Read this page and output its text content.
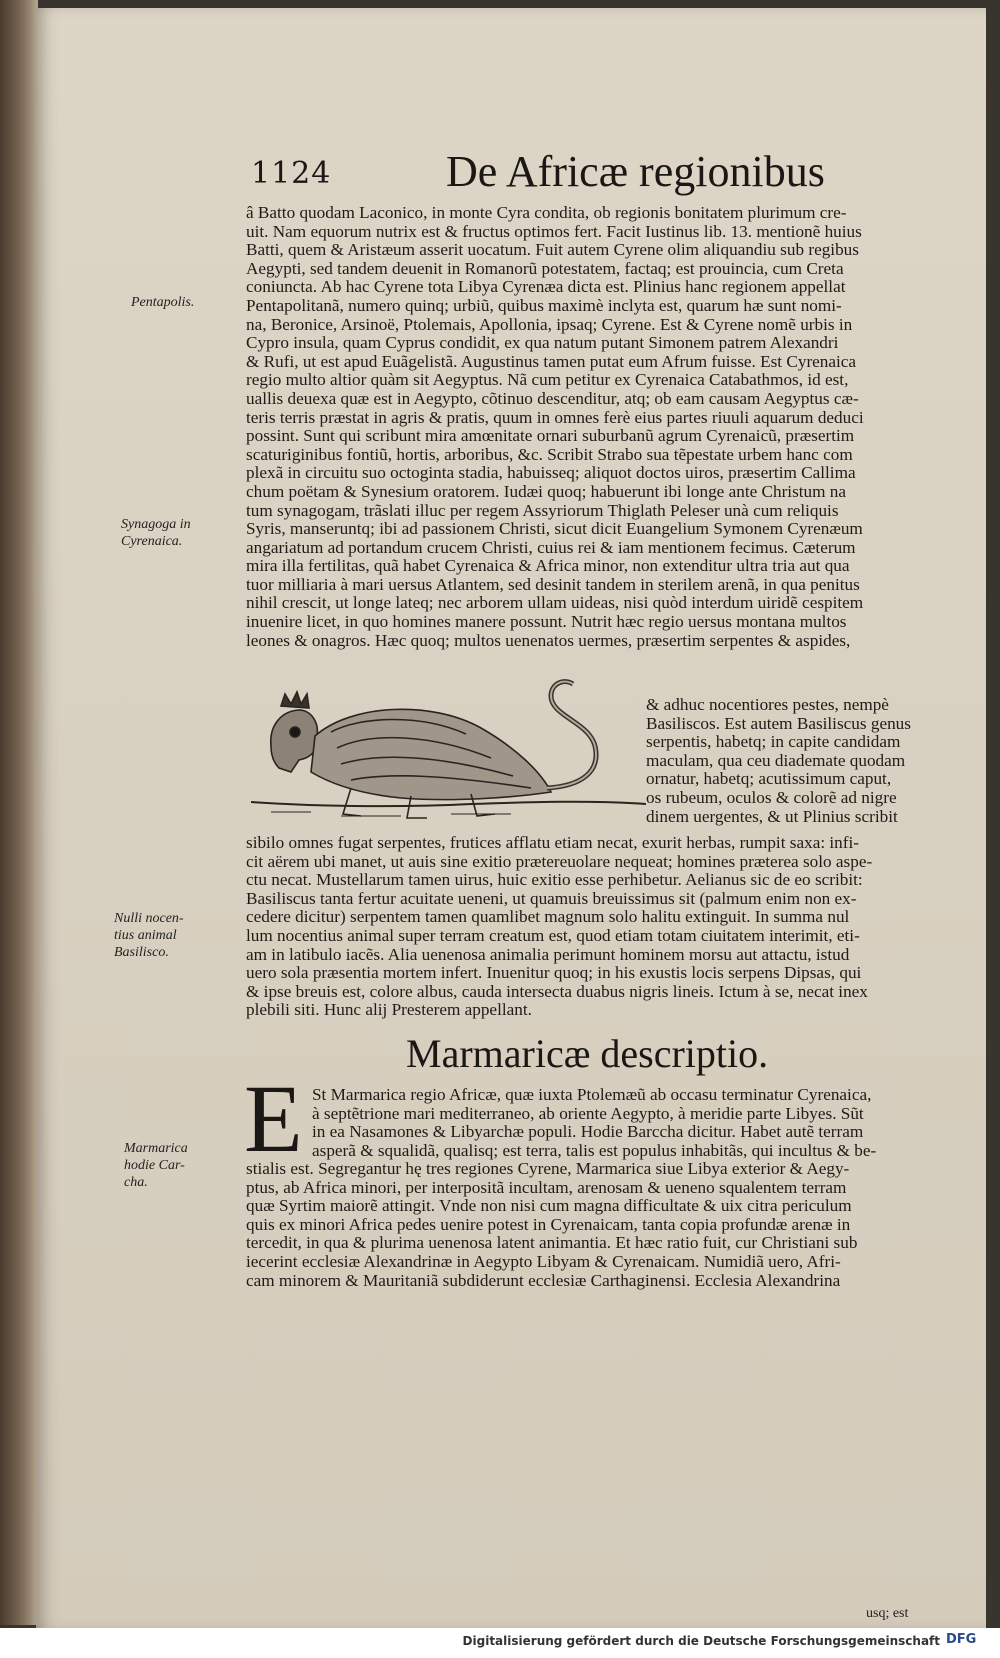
1124	De Africæ regionibus
Pentapolis.
Synagoga in
Cyrenaica.
Nulli nocen-
tius animal
Basilisco.
Marmarica
hodie Car-
cha.
â Batto quodam Laconico, in monte Cyra condita, ob regionis bonitatem plurimum cre-
uit. Nam equorum nutrix est & fructus optimos fert. Facit Iustinus lib. 13. mentionẽ huius
Batti, quem & Aristæum asserit uocatum. Fuit autem Cyrene olim aliquandiu sub regibus
Aegypti, sed tandem deuenit in Romanorũ potestatem, factaq; est prouincia, cum Creta
coniuncta. Ab hac Cyrene tota Libya Cyrenæa dicta est. Plinius hanc regionem appellat
Pentapolitanã, numero quinq; urbiũ, quibus maximè inclyta est, quarum hæ sunt nomi-
na, Beronice, Arsinoë, Ptolemais, Apollonia, ipsaq; Cyrene. Est & Cyrene nomẽ urbis in
Cypro insula, quam Cyprus condidit, ex qua natum putant Simonem patrem Alexandri
& Rufi, ut est apud Euãgelistã. Augustinus tamen putat eum Afrum fuisse. Est Cyrenaica
regio multo altior quàm sit Aegyptus. Nã cum petitur ex Cyrenaica Catabathmos, id est,
uallis deuexa quæ est in Aegypto, cõtinuo descenditur, atq; ob eam causam Aegyptus cæ-
teris terris præstat in agris & pratis, quum in omnes ferè eius partes riuuli aquarum deduci
possint. Sunt qui scribunt mira amœnitate ornari suburbanũ agrum Cyrenaicũ, præsertim
scaturiginibus fontiũ, hortis, arboribus, &c. Scribit Strabo sua tẽpestate urbem hanc com
plexã in circuitu suo octoginta stadia, habuisseq; aliquot doctos uiros, præsertim Callima
chum poëtam & Synesium oratorem. Iudæi quoq; habuerunt ibi longe ante Christum na
tum synagogam, trãslati illuc per regem Assyriorum Thiglath Peleser unà cum reliquis
Syris, manseruntq; ibi ad passionem Christi, sicut dicit Euangelium Symonem Cyrenæum
angariatum ad portandum crucem Christi, cuius rei & iam mentionem fecimus. Cæterum
mira illa fertilitas, quã habet Cyrenaica & Africa minor, non extenditur ultra tria aut qua
tuor milliaria à mari uersus Atlantem, sed desinit tandem in sterilem arenã, in qua penitus
nihil crescit, ut longe lateq; nec arborem ullam uideas, nisi quòd interdum uiridẽ cespitem
inuenire licet, in quo homines manere possunt. Nutrit hæc regio uersus montana multos
leones & onagros. Hæc quoq; multos uenenatos uermes, præsertim serpentes & aspides,
& adhuc nocentiores pestes, nempè
Basiliscos. Est autem Basiliscus genus
serpentis, habetq; in capite candidam
maculam, qua ceu diademate quodam
ornatur, habetq; acutissimum caput,
os rubeum, oculos & colorẽ ad nigre
dinem uergentes, & ut Plinius scribit
sibilo omnes fugat serpentes, frutices afflatu etiam necat, exurit herbas, rumpit saxa: infi-
cit aërem ubi manet, ut auis sine exitio prætereuolare nequeat; homines præterea solo aspe-
ctu necat. Mustellarum tamen uirus, huic exitio esse perhibetur. Aelianus sic de eo scribit:
Basiliscus tanta fertur acuitate ueneni, ut quamuis breuissimus sit (palmum enim non ex-
cedere dicitur) serpentem tamen quamlibet magnum solo halitu extinguit. In summa nul
lum nocentius animal super terram creatum est, quod etiam totam ciuitatem interimit, eti-
am in latibulo iacẽs. Alia uenenosa animalia perimunt hominem morsu aut attactu, istud
uero sola præsentia mortem infert. Inuenitur quoq; in his exustis locis serpens Dipsas, qui
& ipse breuis est, colore albus, cauda intersecta duabus nigris lineis. Ictum à se, necat inex
plebili siti. Hunc alij Presterem appellant.
Marmaricæ descriptio.
E St Marmarica regio Africæ, quæ iuxta Ptolemæũ ab occasu terminatur Cyrenaica,
à septẽtrione mari mediterraneo, ab oriente Aegypto, à meridie parte Libyes. Sũt
in ea Nasamones & Libyarchæ populi. Hodie Barccha dicitur. Habet autẽ terram
asperã & squalidã, qualisq; est terra, talis est populus inhabitãs, qui incultus & be-
stialis est. Segregantur hę tres regiones Cyrene, Marmarica siue Libya exterior & Aegy-
ptus, ab Africa minori, per interpositã incultam, arenosam & ueneno squalentem terram
quæ Syrtim maiorẽ attingit. Vnde non nisi cum magna difficultate & uix citra periculum
quis ex minori Africa pedes uenire potest in Cyrenaicam, tanta copia profundæ arenæ in
tercedit, in qua & plurima uenenosa latent animantia. Et hæc ratio fuit, cur Christiani sub
iecerint ecclesiæ Alexandrinæ in Aegypto Libyam & Cyrenaicam. Numidiã uero, Afri-
cam minorem & Mauritaniã subdiderunt ecclesiæ Carthaginensi. Ecclesia Alexandrina
usq; est
Digitalisierung gefördert durch die Deutsche Forschungsgemeinschaft DFG
